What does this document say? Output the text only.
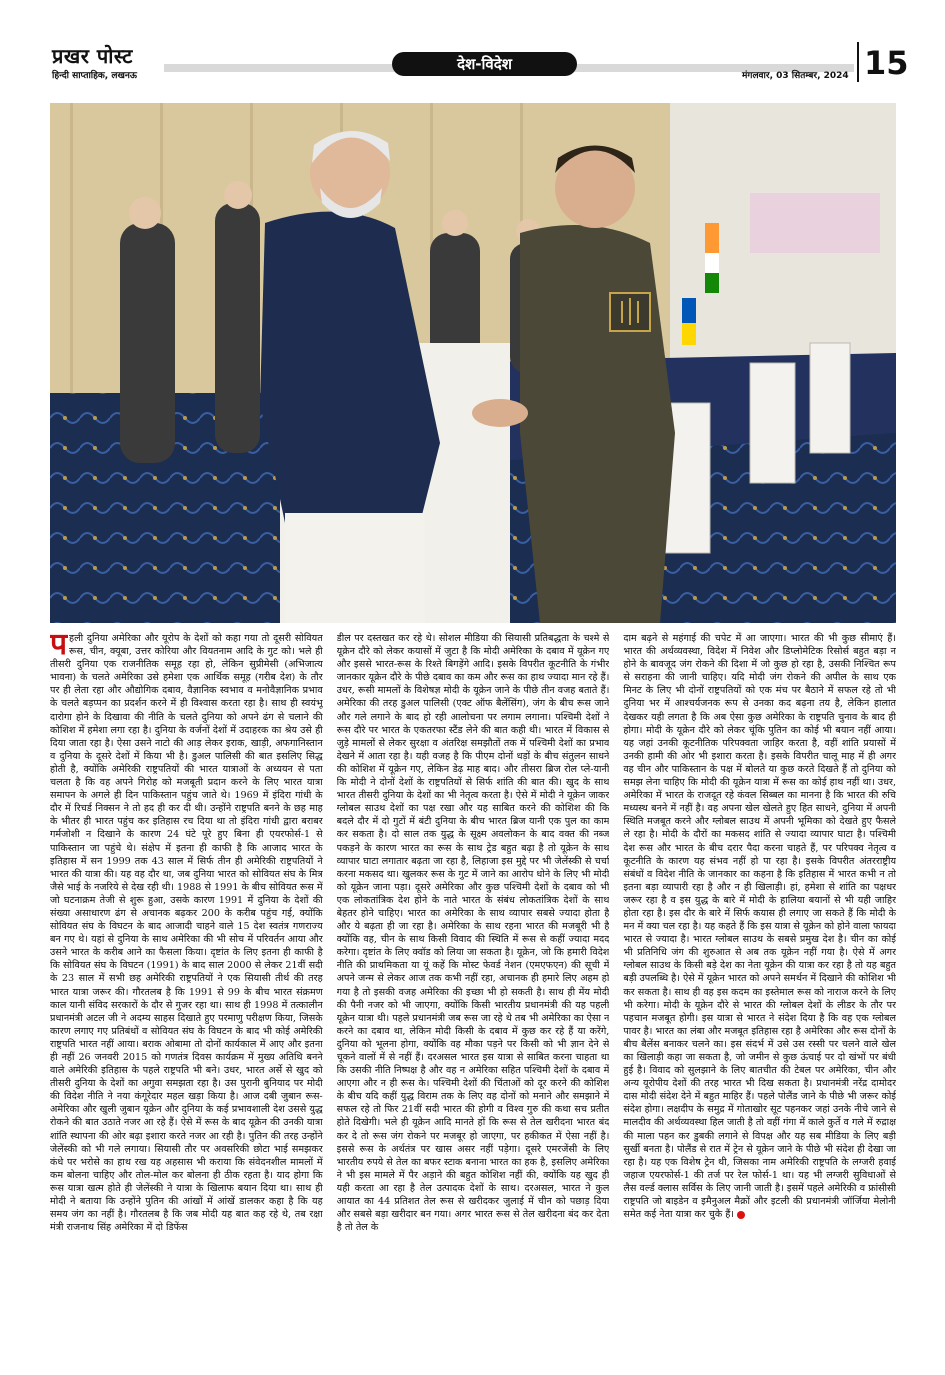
प्रखर पोस्ट
हिन्दी साप्ताहिक, लखनऊ
देश-विदेश
मंगलवार, 03 सितम्बर, 2024 15
प हली दुनिया अमेरिका और यूरोप के देशों को कहा गया तो दूसरी सोवियत रूस, चीन, क्यूबा, उत्तर कोरिया और वियतनाम आदि के गुट को। भले ही तीसरी दुनिया एक राजनीतिक समूह रहा हो, लेकिन सुप्रीमेसी (अभिजात्य भावना) के चलते अमेरिका उसे हमेशा एक आर्थिक समूह (गरीब देश) के तौर पर ही लेता रहा और औद्योगिक दबाव, वैज्ञानिक स्वभाव व मनोवैज्ञानिक प्रभाव के चलते बड़प्पन का प्रदर्शन करने में ही विश्वास करता रहा है। साथ ही स्वयंभू दारोगा होने के दिखावा की नीति के चलते दुनिया को अपने ढंग से चलाने की कोशिश में हमेशा लगा रहा है। दुनिया के वर्जनों देशों में उदाहरक का श्रेय उसे ही दिया जाता रहा है। ऐसा उसने नाटो की आड़ लेकर इराक, खाड़ी, अफगानिस्तान व दुनिया के दूसरे देशों में किया भी है। डुअल पालिसी की बात इसलिए सिद्ध होती है, क्योंकि अमेरिकी राष्ट्रपतियों की भारत यात्राओं के अध्ययन से पता चलता है कि वह अपने गिरोह को मजबूती प्रदान करने के लिए भारत यात्रा समापन के अगले ही दिन पाकिस्तान पहुंच जाते थे। 1969 में इंदिरा गांधी के दौर में रिचर्ड निक्सन ने तो हद ही कर दी थी। उन्होंने राष्ट्रपति बनने के छह माह के भीतर ही भारत पहुंच कर इतिहास रच दिया था तो इंदिरा गांधी द्वारा बराबर गर्मजोशी न दिखाने के कारण 24 घंटे पूरे हुए बिना ही एयरफोर्स-1 से पाकिस्तान जा पहुंचे थे। संक्षेप में इतना ही काफी है कि आजाद भारत के इतिहास में सन 1999 तक 43 साल में सिर्फ तीन ही अमेरिकी राष्ट्रपतियों ने भारत की यात्रा की। यह वह दौर था, जब दुनिया भारत को सोवियत संघ के मित्र जैसे भाई के नजरिये से देख रही थी। 1988 से 1991 के बीच सोवियत रूस में जो घटनाक्रम तेजी से शुरू हुआ, उसके कारण 1991 में दुनिया के देशों की संख्या असाधारण ढंग से अचानक बढ़कर 200 के करीब पहुंच गई, क्योंकि सोवियत संघ के विघटन के बाद आजादी चाहने वाले 15 देश स्वतंत्र गणराज्य बन गए थे। यहां से दुनिया के साथ अमेरिका की भी सोच में परिवर्तन आया और उसने भारत के करीब आने का फैसला किया। दृष्टांत के लिए इतना ही काफी है कि सोवियत संघ के विघटन (1991) के बाद साल 2000 से लेकर 21वीं सदी के 23 साल में सभी छह अमेरिकी राष्ट्रपतियों ने एक सियासी तीर्थ की तरह भारत यात्रा जरूर की। गौरतलब है कि 1991 से 99 के बीच भारत संक्रमण काल यानी संविद सरकारों के दौर से गुजर रहा था। साथ ही 1998 में तत्कालीन प्रधानमंत्री अटल जी ने अदम्य साहस दिखाते हुए परमाणु परीक्षण किया, जिसके कारण लगाए गए प्रतिबंधों व सोवियत संघ के विघटन के बाद भी कोई अमेरिकी राष्ट्रपति भारत नहीं आया। बराक ओबामा तो दोनों कार्यकाल में आए और इतना ही नहीं 26 जनवरी 2015 को गणतंत्र दिवस कार्यक्रम में मुख्य अतिथि बनने वाले अमेरिकी इतिहास के पहले राष्ट्रपति भी बने। उधर, भारत अर्से से खुद को तीसरी दुनिया के देशों का अगुवा समझता रहा है। उस पुरानी बुनियाद पर मोदी की विदेश नीति ने नया कंगूरेदार महल खड़ा किया है। आज दबी जुबान रूस-अमेरिका और खुली जुबान यूक्रेन और दुनिया के कई प्रभावशाली देश उससे युद्ध रोकने की बात उठाते नजर आ रहे हैं। ऐसे में रूस के बाद यूक्रेन की उनकी यात्रा शांति स्थापना की ओर बढ़ा इशारा करते नजर आ रही है। पुतिन की तरह उन्होंने जेलेंस्की को भी गले लगाया। सियासी तौर पर अवसरिकी छोटा भाई समझकर कंधे पर भरोसे का हाथ रख यह अहसास भी कराया कि संवेदनशील मामलों में कम बोलना चाहिए और तोल-मोल कर बोलना ही ठीक रहता है। याद होगा कि रूस यात्रा खत्म होते ही जेलेंस्की ने यात्रा के खिलाफ बयान दिया था। साथ ही मोदी ने बताया कि उन्होंने पुतिन की आंखों में आंखें डालकर कहा है कि यह समय जंग का नहीं है। गौरतलब है कि जब मोदी यह बात कह रहे थे, तब रक्षा मंत्री राजनाथ सिंह अमेरिका में दो डिफेंस
डील पर दस्तखत कर रहे थे। सोशल मीडिया की सियासी प्रतिबद्धता के चश्मे से यूक्रेन दौरे को लेकर कयासों में जुटा है कि मोदी अमेरिका के दबाव में यूक्रेन गए और इससे भारत-रूस के रिश्ते बिगड़ेंगे आदि। इसके विपरीत कूटनीति के गंभीर जानकार यूक्रेन दौरे के पीछे दबाव का कम और रूस का हाथ ज्यादा मान रहे हैं। उधर, रूसी मामलों के विशेषज्ञ मोदी के यूक्रेन जाने के पीछे तीन वजह बताते हैं। अमेरिका की तरह डुअल पालिसी (एक्ट ऑफ बैलेंसिंग), जंग के बीच रूस जाने और गले लगाने के बाद हो रही आलोचना पर लगाम लगाना। पश्चिमी देशों ने रूस दौरे पर भारत के एकतरफा स्टैंड लेने की बात कही थी। भारत में विकास से जुड़े मामलों से लेकर सुरक्षा व अंतरिक्ष समझौतों तक में पश्चिमी देशों का प्रभाव देखने में आता रहा है। यही वजह है कि पीएम दोनों धड़ों के बीच संतुलन साधने की कोशिश में यूक्रेन गए, लेकिन डेढ़ माह बाद। और तीसरा ब्रिज रोल प्ले-यानी कि मोदी ने दोनों देशों के राष्ट्रपतियों से सिर्फ शांति की बात की। खुद के साथ भारत तीसरी दुनिया के देशों का भी नेतृत्व करता है। ऐसे में मोदी ने यूक्रेन जाकर ग्लोबल साउथ देशों का पक्ष रखा और यह साबित करने की कोशिश की कि बदले दौर में दो गुटों में बंटी दुनिया के बीच भारत ब्रिज यानी एक पुल का काम कर सकता है। दो साल तक युद्ध के सूक्ष्म अवलोकन के बाद वक्त की नब्ज पकड़ने के कारण भारत का रूस के साथ ट्रेड बहुत बढ़ा है तो यूक्रेन के साथ व्यापार घाटा लगातार बढ़ता जा रहा है, लिहाजा इस मुद्दे पर भी जेलेंस्की से चर्चा करना मकसद था। खुलकर रूस के गुट में जाने का आरोप धोने के लिए भी मोदी को यूक्रेन जाना पड़ा। दूसरे अमेरिका और कुछ पश्चिमी देशों के दबाव को भी एक लोकतांत्रिक देश होने के नाते भारत के संबंध लोकतांत्रिक देशों के साथ बेहतर होने चाहिए। भारत का अमेरिका के साथ व्यापार सबसे ज्यादा होता है और ये बढ़ता ही जा रहा है। अमेरिका के साथ रहना भारत की मजबूरी भी है क्योंकि वह, चीन के साथ किसी विवाद की स्थिति में रूस से कहीं ज्यादा मदद करेगा। दृष्टांत के लिए क्वॉड को लिया जा सकता है। यूक्रेन, जो कि हमारी विदेश नीति की प्राथमिकता या यूं कहें कि मोस्ट फेवर्ड नेशन (एमएफएन) की सूची में अपने जन्म से लेकर आज तक कभी नहीं रहा, अचानक ही हमारे लिए अहम हो गया है तो इसकी वजह अमेरिका की इच्छा भी हो सकती है। साथ ही मेंय मोदी की पैनी नजर को भी जाएगा, क्योंकि किसी भारतीय प्रधानमंत्री की यह पहली यूक्रेन यात्रा थी। पहले प्रधानमंत्री जब रूस जा रहे थे तब भी अमेरिका का ऐसा न करने का दबाव था, लेकिन मोदी किसी के दबाव में कुछ कर रहे हैं या करेंगे, दुनिया को भूलना होगा, क्योंकि वह मौका पड़ने पर किसी को भी ज्ञान देने से चूकने वालों में से नहीं हैं। दरअसल भारत इस यात्रा से साबित करना चाहता था कि उसकी नीति निष्पक्ष है और वह न अमेरिका सहित पश्चिमी देशों के दबाव में आएगा और न ही रूस के। पश्चिमी देशों की चिंताओं को दूर करने की कोशिश के बीच यदि कहीं युद्ध विराम तक के लिए वह दोनों को मनाने और समझाने में सफल रहे तो फिर 21वीं सदी भारत की होगी व विश्व गुरु की कथा सच प्रतीत होते दिखेगी। भले ही यूक्रेन आदि मानते हों कि रूस से तेल खरीदना भारत बंद कर दे तो रूस जंग रोकने पर मजबूर हो जाएगा, पर हकीकत में ऐसा नहीं है। इससे रूस के अर्थतंत्र पर खास असर नहीं पड़ेगा। दूसरे एमरजेंसी के लिए भारतीय रुपये से तेल का बफर स्टाक बनाना भारत का हक है, इसलिए अमेरिका ने भी इस मामले में पैर अड़ाने की बहुत कोशिश नहीं की, क्योंकि यह खुद ही यही करता आ रहा है तेल उत्पादक देशों के साथ। दरअसल, भारत ने कुल आयात का 44 प्रतिशत तेल रूस से खरीदकर जुलाई में चीन को पछाड़ दिया और सबसे बड़ा खरीदार बन गया। अगर भारत रूस से तेल खरीदना बंद कर देता है तो तेल के
दाम बढ़ने से महंगाई की चपेट में आ जाएगा। भारत की भी कुछ सीमाएं हैं। भारत की अर्थव्यवस्था, विदेश में निवेश और डिप्लोमेटिक रिसोर्स बहुत बड़ा न होने के बावजूद जंग रोकने की दिशा में जो कुछ हो रहा है, उसकी निश्चित रूप से सराहना की जानी चाहिए। यदि मोदी जंग रोकने की अपील के साथ एक मिनट के लिए भी दोनों राष्ट्रपतियों को एक मंच पर बैठाने में सफल रहे तो भी दुनिया भर में आश्चर्यजनक रूप से उनका कद बढ़ना तय है, लेकिन हालात देखकर यही लगता है कि अब ऐसा कुछ अमेरिका के राष्ट्रपति चुनाव के बाद ही होगा। मोदी के यूक्रेन दौरे को लेकर चूंकि पुतिन का कोई भी बयान नहीं आया। यह जहां उनकी कूटनीतिक परिपक्वता जाहिर करता है, वहीं शांति प्रयासों में उनकी हामी की ओर भी इशारा करता है। इसके विपरीत चालू माह में ही अगर वह चीन और पाकिस्तान के पक्ष में बोलते या कुछ करते दिखते हैं तो दुनिया को समझ लेना चाहिए कि मोदी की यूक्रेन यात्रा में रूस का कोई हाथ नहीं था। उधर, अमेरिका में भारत के राजदूत रहे कंवल सिब्बल का मानना है कि भारत की रुचि मध्यस्थ बनने में नहीं है। वह अपना खेल खेलते हुए हित साधने, दुनिया में अपनी स्थिति मजबूत करने और ग्लोबल साउथ में अपनी भूमिका को देखते हुए फैसले ले रहा है। मोदी के दौरों का मकसद शांति से ज्यादा व्यापार घाटा है। पश्चिमी देश रूस और भारत के बीच दरार पैदा करना चाहते हैं, पर परिपक्व नेतृत्व व कूटनीति के कारण यह संभव नहीं हो पा रहा है। इसके विपरीत अंतरराष्ट्रीय संबंधों व विदेश नीति के जानकार का कहना है कि इतिहास में भारत कभी न तो इतना बड़ा व्यापारी रहा है और न ही खिलाड़ी। हां, हमेशा से शांति का पक्षधर जरूर रहा है व इस युद्ध के बारे में मोदी के हालिया बयानों से भी यही जाहिर होता रहा है। इस दौर के बारे में सिर्फ कयास ही लगाए जा सकते हैं कि मोदी के मन में क्या चल रहा है। यह कहते हैं कि इस यात्रा से यूक्रेन को होने वाला फायदा भारत से ज्यादा है। भारत ग्लोबल साउथ के सबसे प्रमुख देश है। चीन का कोई भी प्रतिनिधि जंग की शुरुआत से अब तक यूक्रेन नहीं गया है। ऐसे में अगर ग्लोबल साउथ के किसी बड़े देश का नेता यूक्रेन की यात्रा कर रहा है तो यह बहुत बड़ी उपलब्धि है। ऐसे में यूक्रेन भारत को अपने समर्थन में दिखाने की कोशिश भी कर सकता है। साथ ही वह इस कदम का इस्तेमाल रूस को नाराज करने के लिए भी करेगा। मोदी के यूक्रेन दौरे से भारत की ग्लोबल देशों के लीडर के तौर पर पहचान मजबूत होगी। इस यात्रा से भारत ने संदेश दिया है कि वह एक ग्लोबल पावर है। भारत का लंबा और मजबूत इतिहास रहा है अमेरिका और रूस दोनों के बीच बैलेंस बनाकर चलने का। इस संदर्भ में उसे उस रस्सी पर चलने वाले खेल का खिलाड़ी कहा जा सकता है, जो जमीन से कुछ ऊंचाई पर दो खंभों पर बंधी हुई है। विवाद को सुलझाने के लिए बातचीत की टेबल पर अमेरिका, चीन और अन्य यूरोपीय देशों की तरह भारत भी दिख सकता है। प्रधानमंत्री नरेंद्र दामोदर दास मोदी संदेश देने में बहुत माहिर हैं। पहले पोलैंड जाने के पीछे भी जरूर कोई संदेश होगा। लक्षदीप के समुद्र में गोताखोर सूट पहनकर जहां उनके नीचे जाने से मालदीव की अर्थव्यवस्था हिल जाती है तो वहीं गंगा में काले कुर्ते व गले में रुद्राक्ष की माला पहन कर डुबकी लगाने से विपक्ष और यह सब मीडिया के लिए बड़ी सुर्खी बनता है। पोलैंड से रात में ट्रेन से यूक्रेन जाने के पीछे भी संदेश ही देखा जा रहा है। यह एक विशेष ट्रेन थी, जिसका नाम अमेरिकी राष्ट्रपति के लग्जरी हवाई जहाज एयरफोर्स-1 की तर्ज पर रेल फोर्स-1 था। यह भी लग्जरी सुविधाओं से लैस वर्ल्ड क्लास सर्विस के लिए जानी जाती है। इसमें पहले अमेरिकी व फ्रांसीसी राष्ट्रपति जो बाइडेन व इमैनुअल मैक्रों और इटली की प्रधानमंत्री जॉर्जिया मेलोनी समेत कई नेता यात्रा कर चुके हैं।
